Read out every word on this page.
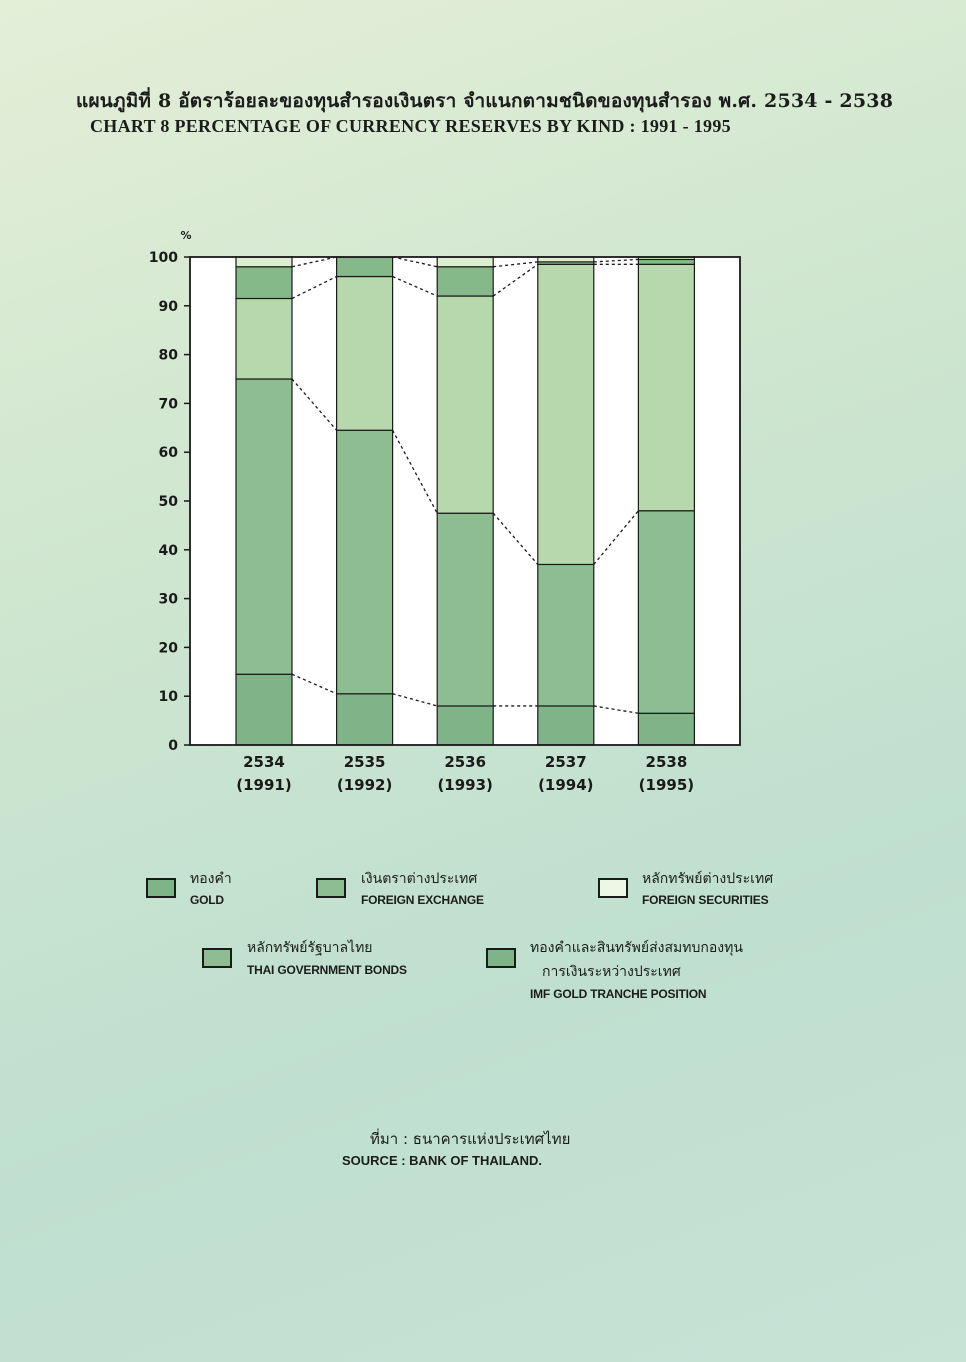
แผนภูมิที่ 8 อัตราร้อยละของทุนสำรองเงินตรา จำแนกตามชนิดของทุนสำรอง พ.ศ. 2534 - 2538
CHART 8 PERCENTAGE OF CURRENCY RESERVES BY KIND : 1991 - 1995
0
10
20
30
40
50
60
70
80
90
100
%
2534
(1991)
2535
(1992)
2536
(1993)
2537
(1994)
2538
(1995)
ทองคำ
GOLD
เงินตราต่างประเทศ
FOREIGN EXCHANGE
หลักทรัพย์ต่างประเทศ
FOREIGN SECURITIES
หลักทรัพย์รัฐบาลไทย
THAI GOVERNMENT BONDS
ทองคำและสินทรัพย์ส่งสมทบกองทุน
การเงินระหว่างประเทศ
IMF GOLD TRANCHE POSITION
ที่มา : ธนาคารแห่งประเทศไทย
SOURCE : BANK OF THAILAND.
